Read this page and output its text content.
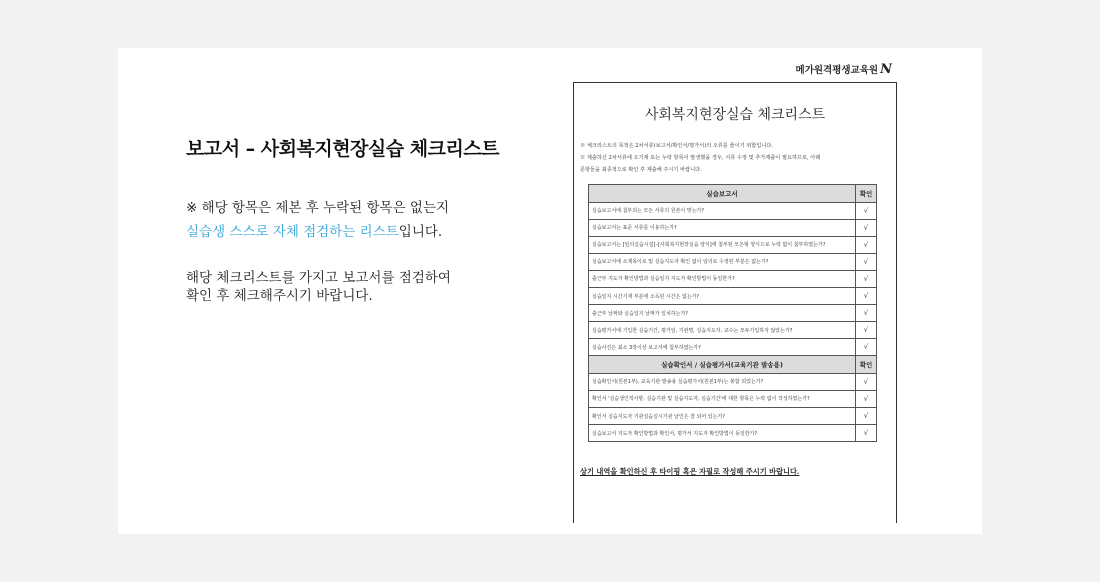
보고서 – 사회복지현장실습 체크리스트
※ 해당 항목은 제본 후 누락된 항목은 없는지
실습생 스스로 자체 점검하는 리스트입니다.
해당 체크리스트를 가지고 보고서를 점검하여
확인 후 체크해주시기 바랍니다.
메가원격평생교육원 N
사회복지현장실습 체크리스트

※ 체크리스트의 목적은 2차서류(보고서/확인서/평가서)의 오류를 줄이기 위함입니다.

※ 제출하신 2차서류에 오기재 또는 누락 항목이 발생했을 경우, 서류 수정 및 추가제출이 필요하므로, 아래

문항들을 최종적으로 확인 후 제출해 주시기 바랍니다.

실습보고서	확인
실습보고서에 첨부되는 모든 서류의 원본이 맞는가?	√
실습보고서는 표준 서류를 이용하는가?	√
실습보고서는 [임의실습시설]–[사회복지현장실습 양식]에 첨부된 모든형 양식으로 누락 없이 첨부하였는가?	√
실습보고서에 소제목이로 및 실습지도자 확인 없이 임의로 수정된 부분은 없는가?	√
출근부 지도자 확인방법과 실습일지 지도자 확인방법이 동일한가?	√
실습일지 시간기재 부분에 소독된 시간은 없는가?	√
출근부 날짜와 실습일지 날짜가 일치하는가?	√
실습평가서에 기입한 실습기간, 평가일, 기관명, 실습지도자, 교수는 모두기입하지 않았는가?	√
실습사진은 최소 3장이상 보고서에 첨부하였는가?	√
실습확인서 / 실습평가서(교육기관 발송용)	확인
실습확인서(원본1부), 교육기관 발송용 실습평가서(원본1부)는 봉함 되었는가?	√
확인서 '실습생인적사항, 실습기관 및 실습지도자, 실습기간'에 대한 항목은 누락 없이 작성하였는가?	√
확인서 실습지도자 기관실습실시기관 날인은 잘 되어 있는가?	√
실습보고서 지도자 확인방법과 확인서, 평가서 지도자 확인방법이 동일한가?	√
상기 내역을 확인하신 후 타이핑 혹은 자필로 작성해 주시기 바랍니다.
